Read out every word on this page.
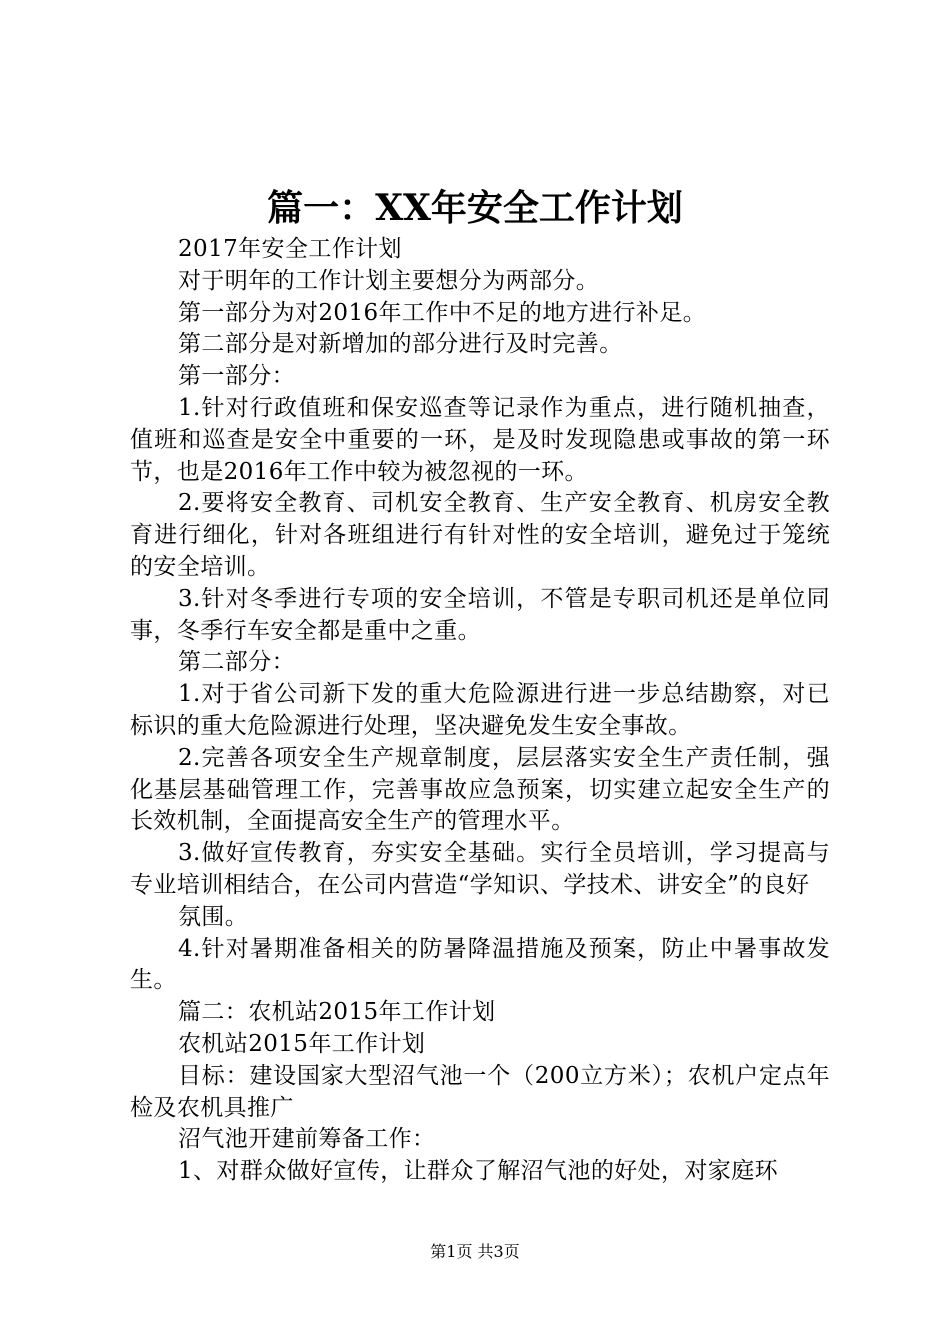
篇一：XX年安全工作计划

2017年安全工作计划

对于明年的工作计划主要想分为两部分。

第一部分为对2016年工作中不足的地方进行补足。

第二部分是对新增加的部分进行及时完善。

第一部分：

1.针对行政值班和保安巡查等记录作为重点，进行随机抽查，值班和巡查是安全中重要的一环，是及时发现隐患或事故的第一环节，也是2016年工作中较为被忽视的一环。

2.要将安全教育、司机安全教育、生产安全教育、机房安全教育进行细化，针对各班组进行有针对性的安全培训，避免过于笼统的安全培训。

3.针对冬季进行专项的安全培训，不管是专职司机还是单位同事，冬季行车安全都是重中之重。

第二部分：

1.对于省公司新下发的重大危险源进行进一步总结勘察，对已标识的重大危险源进行处理，坚决避免发生安全事故。

2.完善各项安全生产规章制度，层层落实安全生产责任制，强化基层基础管理工作，完善事故应急预案，切实建立起安全生产的长效机制，全面提高安全生产的管理水平。

3.做好宣传教育，夯实安全基础。实行全员培训，学习提高与专业培训相结合，在公司内营造“学知识、学技术、讲安全”的良好

氛围。

4.针对暑期准备相关的防暑降温措施及预案，防止中暑事故发生。

篇二：农机站2015年工作计划

农机站2015年工作计划

目标：建设国家大型沼气池一个（200立方米）；农机户定点年检及农机具推广

沼气池开建前筹备工作：

1、对群众做好宣传，让群众了解沼气池的好处，对家庭环

第1页 共3页
